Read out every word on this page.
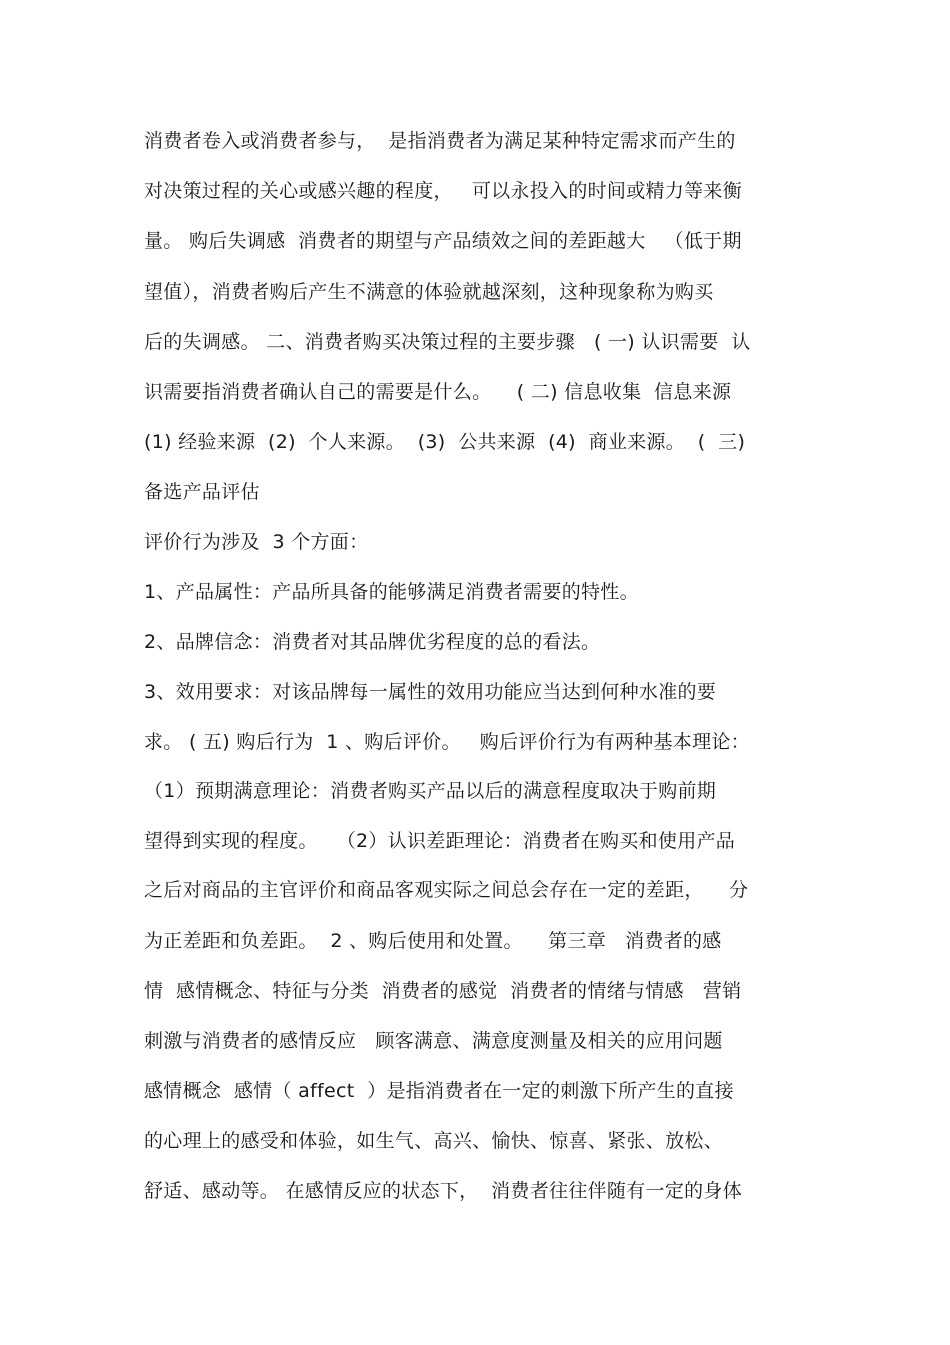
消费者卷入或消费者参与，  是指消费者为满足某种特定需求而产生的
对决策过程的关心或感兴趣的程度，   可以永投入的时间或精力等来衡
量。 购后失调感  消费者的期望与产品绩效之间的差距越大   （低于期
望值），消费者购后产生不满意的体验就越深刻，这种现象称为购买
后的失调感。 二、消费者购买决策过程的主要步骤   ( 一) 认识需要  认
识需要指消费者确认自己的需要是什么。    ( 二) 信息收集  信息来源
(1) 经验来源  (2)  个人来源。  (3)  公共来源  (4)  商业来源。  (  三)
备选产品评估
评价行为涉及  3 个方面：
1、产品属性：产品所具备的能够满足消费者需要的特性。
2、品牌信念：消费者对其品牌优劣程度的总的看法。
3、效用要求：对该品牌每一属性的效用功能应当达到何种水准的要
求。 ( 五) 购后行为  1 、购后评价。   购后评价行为有两种基本理论：
（1）预期满意理论：消费者购买产品以后的满意程度取决于购前期
望得到实现的程度。   （2）认识差距理论：消费者在购买和使用产品
之后对商品的主官评价和商品客观实际之间总会存在一定的差距，    分
为正差距和负差距。  2 、购后使用和处置。    第三章   消费者的感
情  感情概念、特征与分类  消费者的感觉  消费者的情绪与情感   营销
刺激与消费者的感情反应   顾客满意、满意度测量及相关的应用问题
感情概念  感情（ affect  ）是指消费者在一定的刺激下所产生的直接
的心理上的感受和体验，如生气、高兴、愉快、惊喜、紧张、放松、
舒适、感动等。 在感情反应的状态下，  消费者往往伴随有一定的身体
